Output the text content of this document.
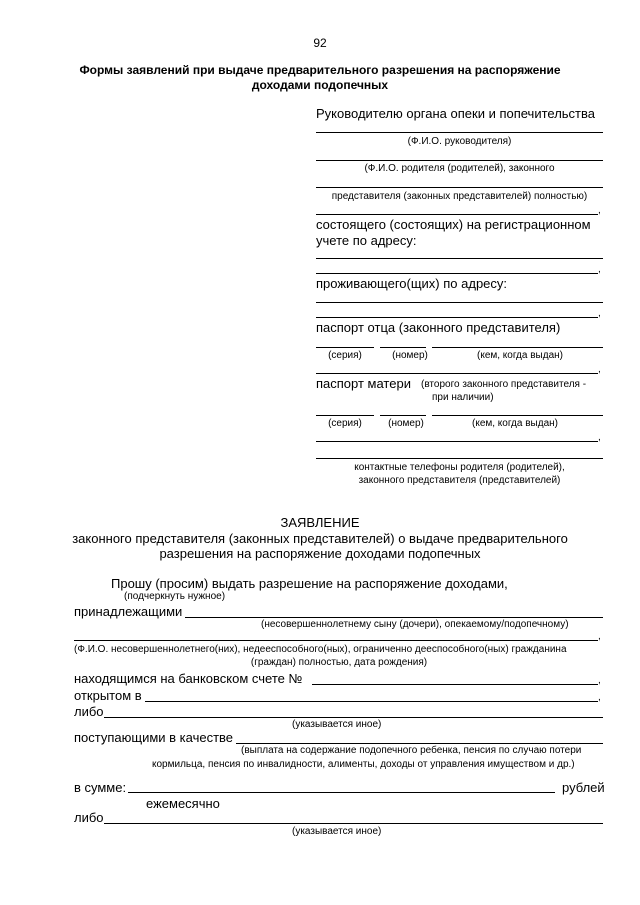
92
Формы заявлений при выдаче предварительного разрешения на распоряжение
доходами подопечных
Руководителю органа опеки и попечительства
(Ф.И.О. руководителя)
(Ф.И.О. родителя (родителей), законного
представителя (законных представителей) полностью)
,
состоящего (состоящих) на регистрационном
учете по адресу:
,
проживающего(щих) по адресу:
,
паспорт отца (законного представителя)
(серия)	(номер)	(кем, когда выдан)
,
паспорт матери (второго законного представителя -
при наличии)
(серия)	(номер)	(кем, когда выдан)
,
контактные телефоны родителя (родителей),
законного представителя (представителей)
ЗАЯВЛЕНИЕ
законного представителя (законных представителей) о выдаче предварительного
разрешения на распоряжение доходами подопечных
Прошу (просим) выдать разрешение на распоряжение доходами,
(подчеркнуть нужное)
принадлежащими
(несовершеннолетнему сыну (дочери), опекаемому/подопечному)
,
(Ф.И.О. несовершеннолетнего(них), недееспособного(ных), ограниченно дееспособного(ных) гражданина
(граждан) полностью, дата рождения)
находящимся на банковском счете №	,
открытом в	,
либо
(указывается иное)
поступающими в качестве
(выплата на содержание подопечного ребенка, пенсия по случаю потери
кормильца, пенсия по инвалидности, алименты, доходы от управления имуществом и др.)
в сумме:	рублей
ежемесячно
либо
(указывается иное)
